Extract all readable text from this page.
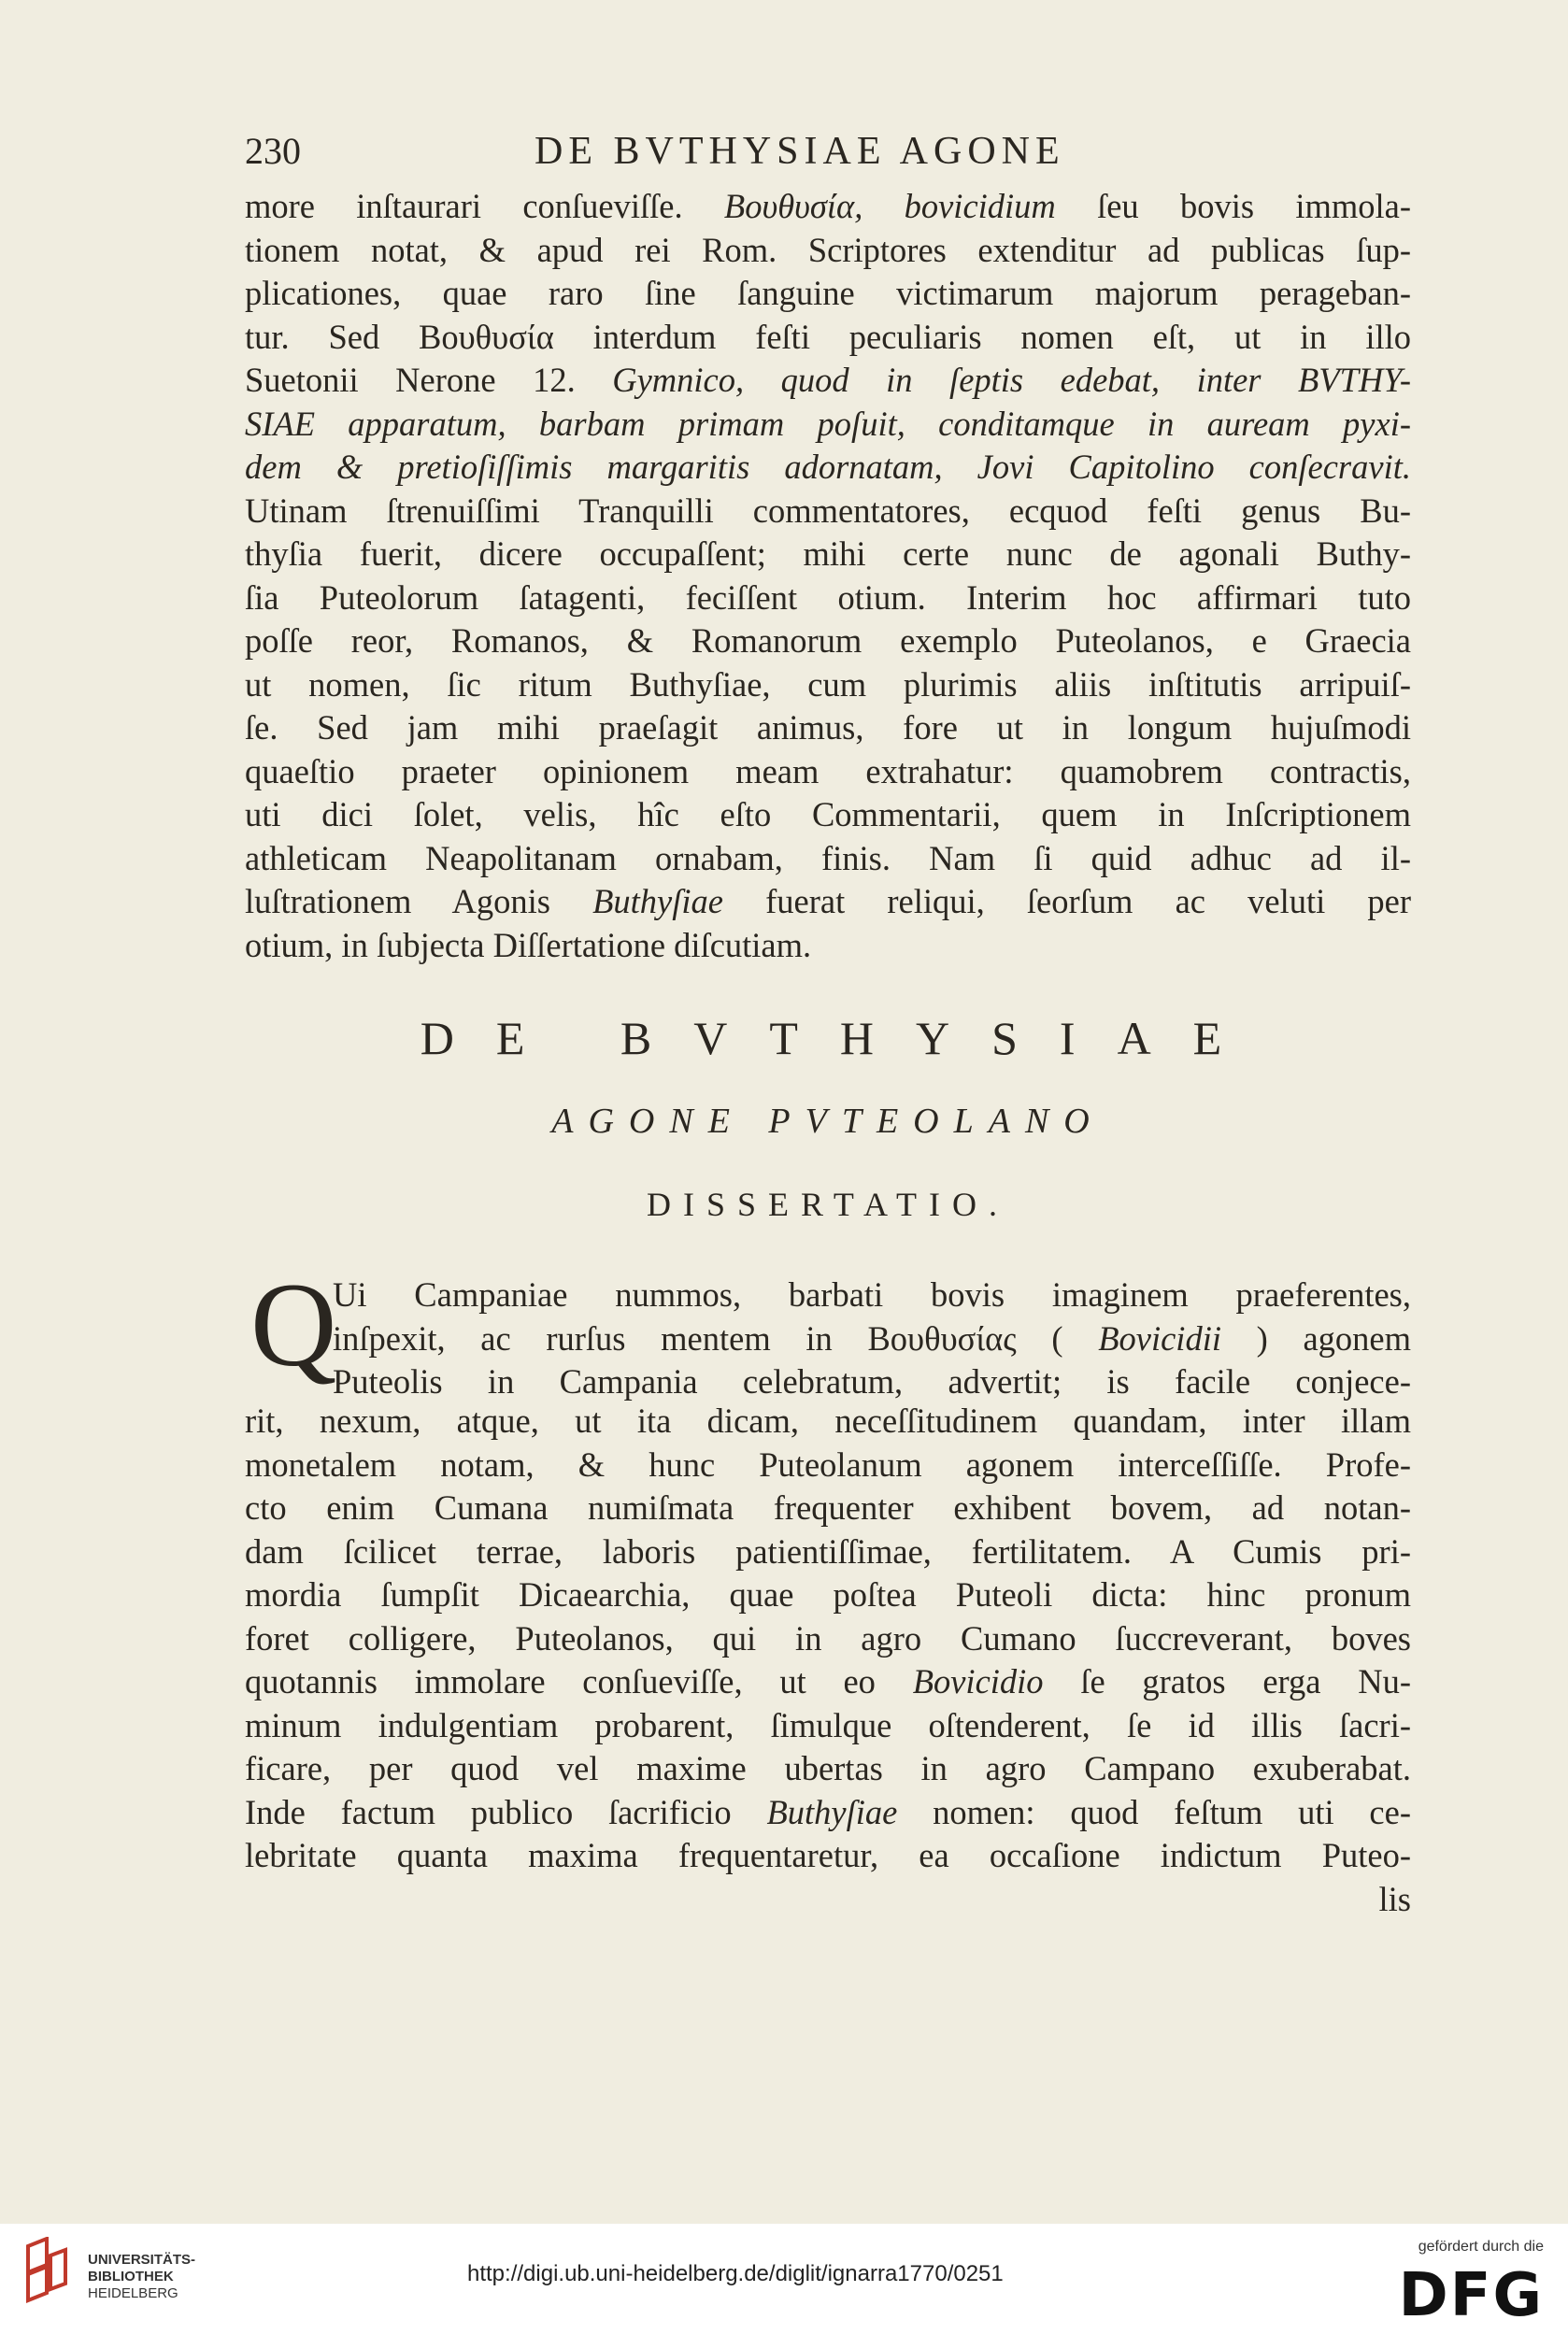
230	DE BVTHYSIAE AGONE
more inſtaurari conſueviſſe. Βουθυσία, bovicidium ſeu bovis immola-
tionem notat, & apud rei Rom. Scriptores extenditur ad publicas ſup-
plicationes, quae raro ſine ſanguine victimarum majorum perageban-
tur. Sed Βουθυσία interdum feſti peculiaris nomen eſt, ut in illo
Suetonii Nerone 12. Gymnico, quod in ſeptis edebat, inter BVTHY-
SIAE apparatum, barbam primam poſuit, conditamque in auream pyxi-
dem & pretioſiſſimis margaritis adornatam, Jovi Capitolino conſecravit.
Utinam ſtrenuiſſimi Tranquilli commentatores, ecquod feſti genus Bu-
thyſia fuerit, dicere occupaſſent; mihi certe nunc de agonali Buthy-
ſia Puteolorum ſatagenti, feciſſent otium. Interim hoc affirmari tuto
poſſe reor, Romanos, & Romanorum exemplo Puteolanos, e Graecia
ut nomen, ſic ritum Buthyſiae, cum plurimis aliis inſtitutis arripuiſ-
ſe. Sed jam mihi praeſagit animus, fore ut in longum hujuſmodi
quaeſtio praeter opinionem meam extrahatur: quamobrem contractis,
uti dici ſolet, velis, hîc eſto Commentarii, quem in Inſcriptionem
athleticam Neapolitanam ornabam, finis. Nam ſi quid adhuc ad il-
luſtrationem Agonis Buthyſiae fuerat reliqui, ſeorſum ac veluti per
otium, in ſubjecta Diſſertatione diſcutiam.
DE BVTHYSIAE
AGONE PVTEOLANO
DISSERTATIO.
Q
Ui Campaniae nummos, barbati bovis imaginem praeferentes,
inſpexit, ac rurſus mentem in Βουθυσίας ( Bovicidii ) agonem
Puteolis in Campania celebratum, advertit; is facile conjece-
rit, nexum, atque, ut ita dicam, neceſſitudinem quandam, inter illam
monetalem notam, & hunc Puteolanum agonem interceſſiſſe. Profe-
cto enim Cumana numiſmata frequenter exhibent bovem, ad notan-
dam ſcilicet terrae, laboris patientiſſimae, fertilitatem. A Cumis pri-
mordia ſumpſit Dicaearchia, quae poſtea Puteoli dicta: hinc pronum
foret colligere, Puteolanos, qui in agro Cumano ſuccreverant, boves
quotannis immolare conſueviſſe, ut eo Bovicidio ſe gratos erga Nu-
minum indulgentiam probarent, ſimulque oſtenderent, ſe id illis ſacri-
ficare, per quod vel maxime ubertas in agro Campano exuberabat.
Inde factum publico ſacrificio Buthyſiae nomen: quod feſtum uti ce-
lebritate quanta maxima frequentaretur, ea occaſione indictum Puteo-
lis
UNIVERSITÄTS-
BIBLIOTHEK
HEIDELBERG
http://digi.ub.uni-heidelberg.de/diglit/ignarra1770/0251
gefördert durch die
DFG
